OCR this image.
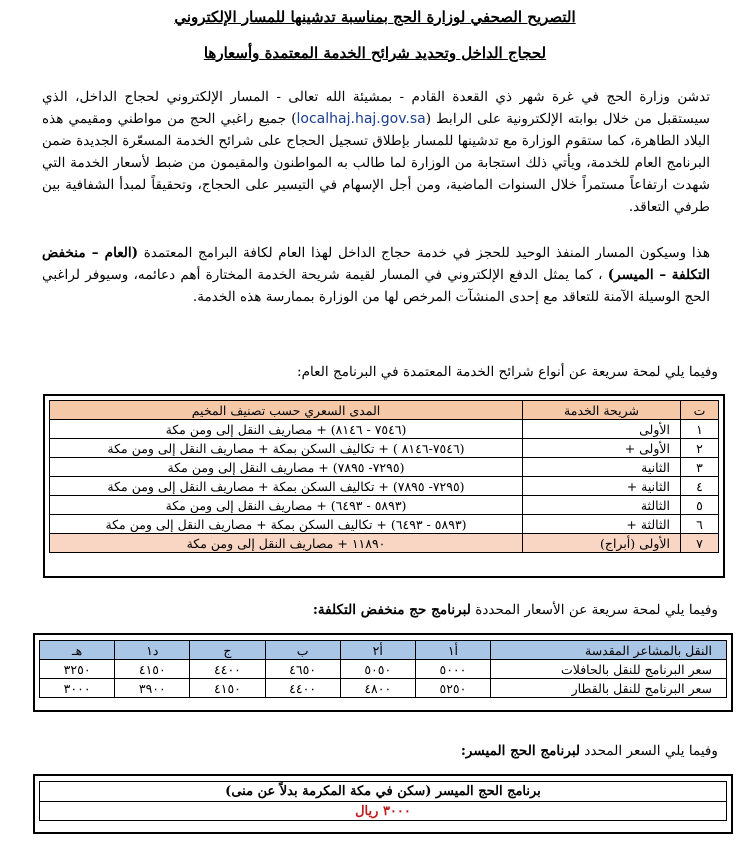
التصريح الصحفي لوزارة الحج بمناسبة تدشينها للمسار الإلكتروني
لحجاج الداخل وتحديد شرائح الخدمة المعتمدة وأسعارها

تدشن وزارة الحج في غرة شهر ذي القعدة القادم - بمشيئة الله تعالى - المسار الإلكتروني لحجاج الداخل، الذي سيستقبل من خلال بوابته الإلكترونية على الرابط (localhaj.haj.gov.sa) جميع راغبي الحج من مواطني ومقيمي هذه البلاد الطاهرة، كما ستقوم الوزارة مع تدشينها للمسار بإطلاق تسجيل الحجاج على شرائح الخدمة المسعّرة الجديدة ضمن البرنامج العام للخدمة، ويأتي ذلك استجابة من الوزارة لما طالب به المواطنون والمقيمون من ضبط لأسعار الخدمة التي شهدت ارتفاعاً مستمراً خلال السنوات الماضية، ومن أجل الإسهام في التيسير على الحجاج، وتحقيقاً لمبدأ الشفافية بين طرفي التعاقد.

هذا وسيكون المسار المنفذ الوحيد للحجز في خدمة حجاج الداخل لهذا العام لكافة البرامج المعتمدة (العام – منخفض التكلفة – الميسر) ، كما يمثل الدفع الإلكتروني في المسار لقيمة شريحة الخدمة المختارة أهم دعائمه، وسيوفر لراغبي الحج الوسيلة الآمنة للتعاقد مع إحدى المنشآت المرخص لها من الوزارة بممارسة هذه الخدمة.

وفيما يلي لمحة سريعة عن أنواع شرائح الخدمة المعتمدة في البرنامج العام:
ت	شريحة الخدمة	المدى السعري حسب تصنيف المخيم
١	الأولى	(٧٥٤٦ - ٨١٤٦) + مصاريف النقل إلى ومن مكة
٢	الأولى +	(٧٥٤٦-٨١٤٦ ) + تكاليف السكن بمكة + مصاريف النقل إلى ومن مكة
٣	الثانية	(٧٢٩٥- ٧٨٩٥) + مصاريف النقل إلى ومن مكة
٤	الثانية +	(٧٢٩٥- ٧٨٩٥) + تكاليف السكن بمكة + مصاريف النقل إلى ومن مكة
٥	الثالثة	(٥٨٩٣ - ٦٤٩٣) + مصاريف النقل إلى ومن مكة
٦	الثالثة +	(٥٨٩٣ - ٦٤٩٣) + تكاليف السكن بمكة + مصاريف النقل إلى ومن مكة
٧	الأولى (أبراج)	١١٨٩٠ + مصاريف النقل إلى ومن مكة
وفيما يلي لمحة سريعة عن الأسعار المحددة لبرنامج حج منخفض التكلفة:
النقل بالمشاعر المقدسة	أ١	أ٢	ب	ج	د١	هـ
سعر البرنامج للنقل بالحافلات	٥٠٠٠	٥٠٥٠	٤٦٥٠	٤٤٠٠	٤١٥٠	٣٢٥٠
سعر البرنامج للنقل بالقطار	٥٢٥٠	٤٨٠٠	٤٤٠٠	٤١٥٠	٣٩٠٠	٣٠٠٠
وفيما يلي السعر المحدد لبرنامج الحج الميسر:
برنامج الحج الميسر (سكن في مكة المكرمة بدلاً عن منى)
٣٠٠٠ ريال
